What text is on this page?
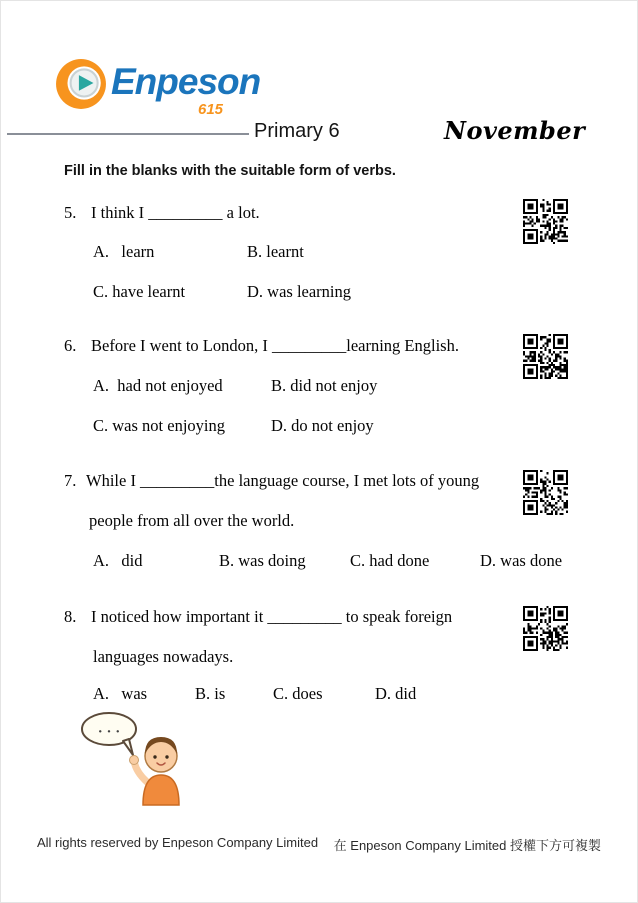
Enpeson
615
Primary 6	November
Fill in the blanks with the suitable form of verbs.
5. I think I _________ a lot.
A.   learn	B. learnt
C. have learnt	D. was learning
6. Before I went to London, I _________learning English.
A.  had not enjoyed	B. did not enjoy
C. was not enjoying	D. do not enjoy
7. While I _________the language course, I met lots of young
people from all over the world.
A.   did	B. was doing	C. had done	D. was done
8. I noticed how important it _________ to speak foreign
languages nowadays.
A.   was	B. is	C. does	D. did
· · ·
All rights reserved by Enpeson Company Limited 在 Enpeson Company Limited 授權下方可複製
